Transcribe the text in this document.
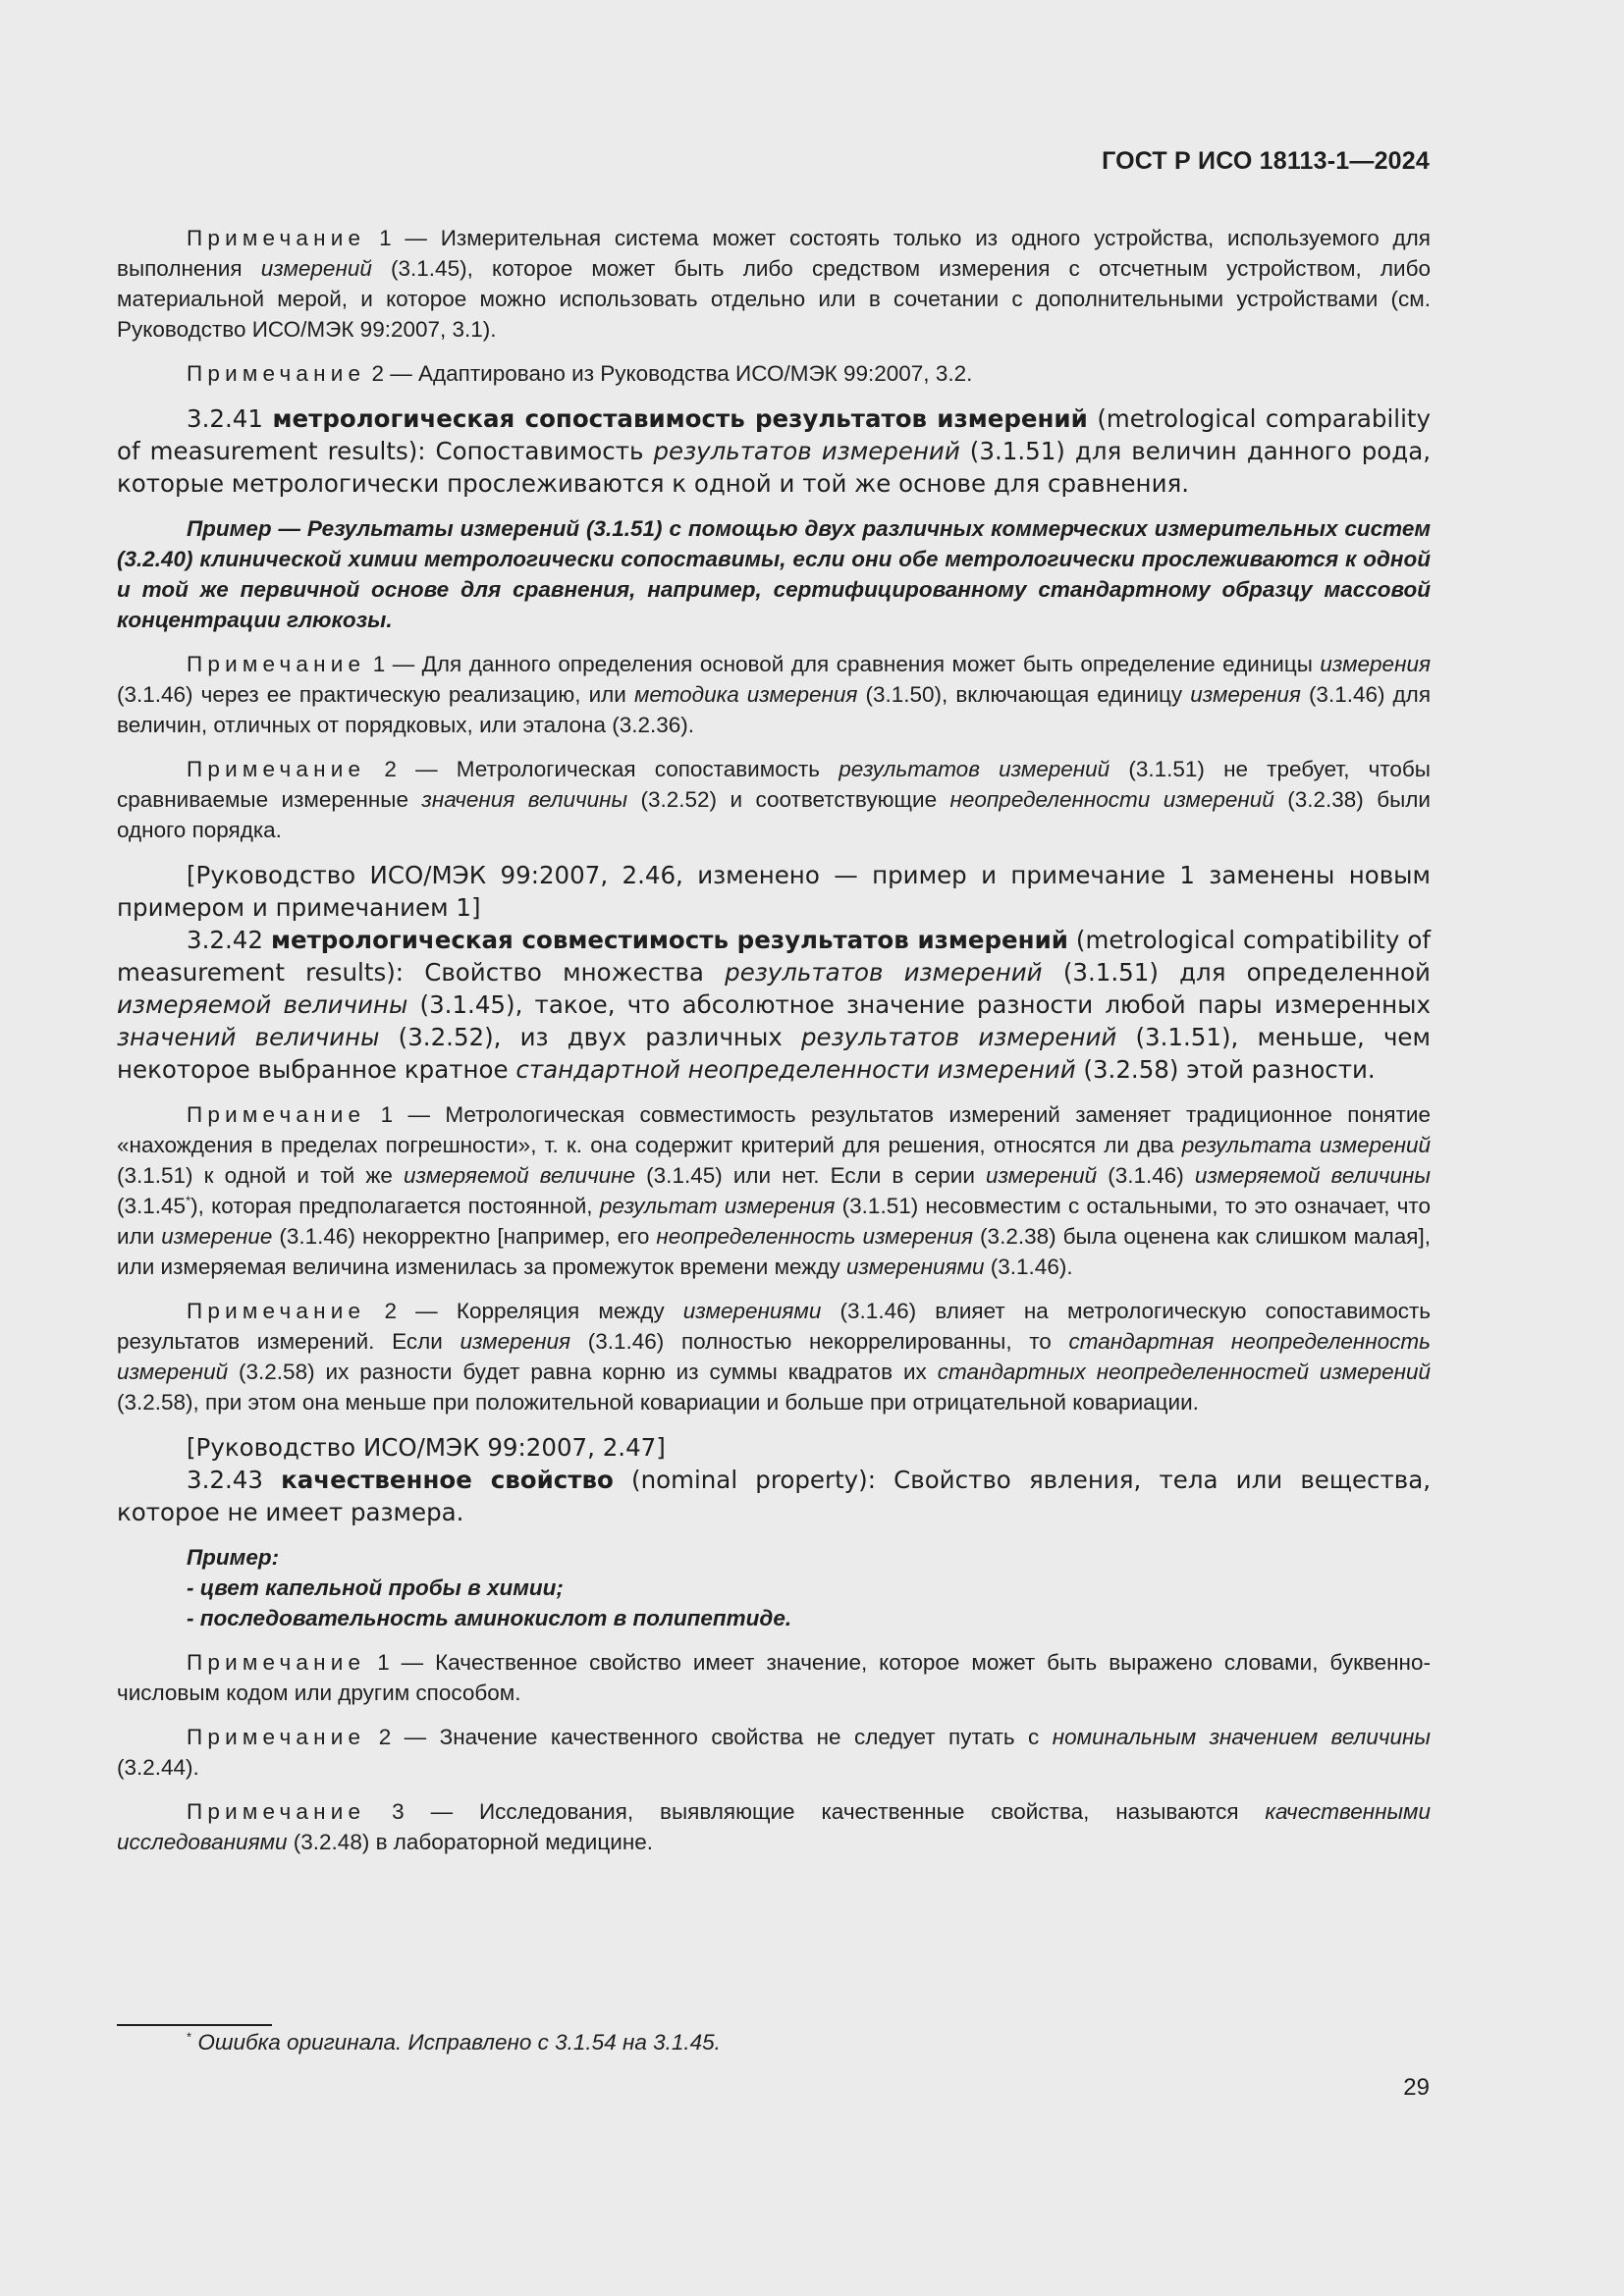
ГОСТ Р ИСО 18113-1—2024

Примечание 1 — Измерительная система может состоять только из одного устройства, используемого для выполнения измерений (3.1.45), которое может быть либо средством измерения с отсчетным устройством, либо материальной мерой, и которое можно использовать отдельно или в сочетании с дополнительными устройствами (см. Руководство ИСО/МЭК 99:2007, 3.1).

Примечание 2 — Адаптировано из Руководства ИСО/МЭК 99:2007, 3.2.

3.2.41 метрологическая сопоставимость результатов измерений (metrological comparability of measurement results): Сопоставимость результатов измерений (3.1.51) для величин данного рода, которые метрологически прослеживаются к одной и той же основе для сравнения.

Пример — Результаты измерений (3.1.51) с помощью двух различных коммерческих измерительных систем (3.2.40) клинической химии метрологически сопоставимы, если они обе метрологически прослеживаются к одной и той же первичной основе для сравнения, например, сертифицированному стандартному образцу массовой концентрации глюкозы.

Примечание 1 — Для данного определения основой для сравнения может быть определение единицы измерения (3.1.46) через ее практическую реализацию, или методика измерения (3.1.50), включающая единицу измерения (3.1.46) для величин, отличных от порядковых, или эталона (3.2.36).

Примечание 2 — Метрологическая сопоставимость результатов измерений (3.1.51) не требует, чтобы сравниваемые измеренные значения величины (3.2.52) и соответствующие неопределенности измерений (3.2.38) были одного порядка.

[Руководство ИСО/МЭК 99:2007, 2.46, изменено — пример и примечание 1 заменены новым примером и примечанием 1]

3.2.42 метрологическая совместимость результатов измерений (metrological compatibility of measurement results): Свойство множества результатов измерений (3.1.51) для определенной измеряемой величины (3.1.45), такое, что абсолютное значение разности любой пары измеренных значений величины (3.2.52), из двух различных результатов измерений (3.1.51), меньше, чем некоторое выбранное кратное стандартной неопределенности измерений (3.2.58) этой разности.

Примечание 1 — Метрологическая совместимость результатов измерений заменяет традиционное понятие «нахождения в пределах погрешности», т. к. она содержит критерий для решения, относятся ли два результата измерений (3.1.51) к одной и той же измеряемой величине (3.1.45) или нет. Если в серии измерений (3.1.46) измеряемой величины (3.1.45*), которая предполагается постоянной, результат измерения (3.1.51) несовместим с остальными, то это означает, что или измерение (3.1.46) некорректно [например, его неопределенность измерения (3.2.38) была оценена как слишком малая], или измеряемая величина изменилась за промежуток времени между измерениями (3.1.46).

Примечание 2 — Корреляция между измерениями (3.1.46) влияет на метрологическую сопоставимость результатов измерений. Если измерения (3.1.46) полностью некоррелированны, то стандартная неопределенность измерений (3.2.58) их разности будет равна корню из суммы квадратов их стандартных неопределенностей измерений (3.2.58), при этом она меньше при положительной ковариации и больше при отрицательной ковариации.

[Руководство ИСО/МЭК 99:2007, 2.47]

3.2.43 качественное свойство (nominal property): Свойство явления, тела или вещества, которое не имеет размера.

Пример:
- цвет капельной пробы в химии;
- последовательность аминокислот в полипептиде.

Примечание 1 — Качественное свойство имеет значение, которое может быть выражено словами, буквенно-числовым кодом или другим способом.

Примечание 2 — Значение качественного свойства не следует путать с номинальным значением величины (3.2.44).

Примечание 3 — Исследования, выявляющие качественные свойства, называются качественными исследованиями (3.2.48) в лабораторной медицине.

* Ошибка оригинала. Исправлено с 3.1.54 на 3.1.45.
29
